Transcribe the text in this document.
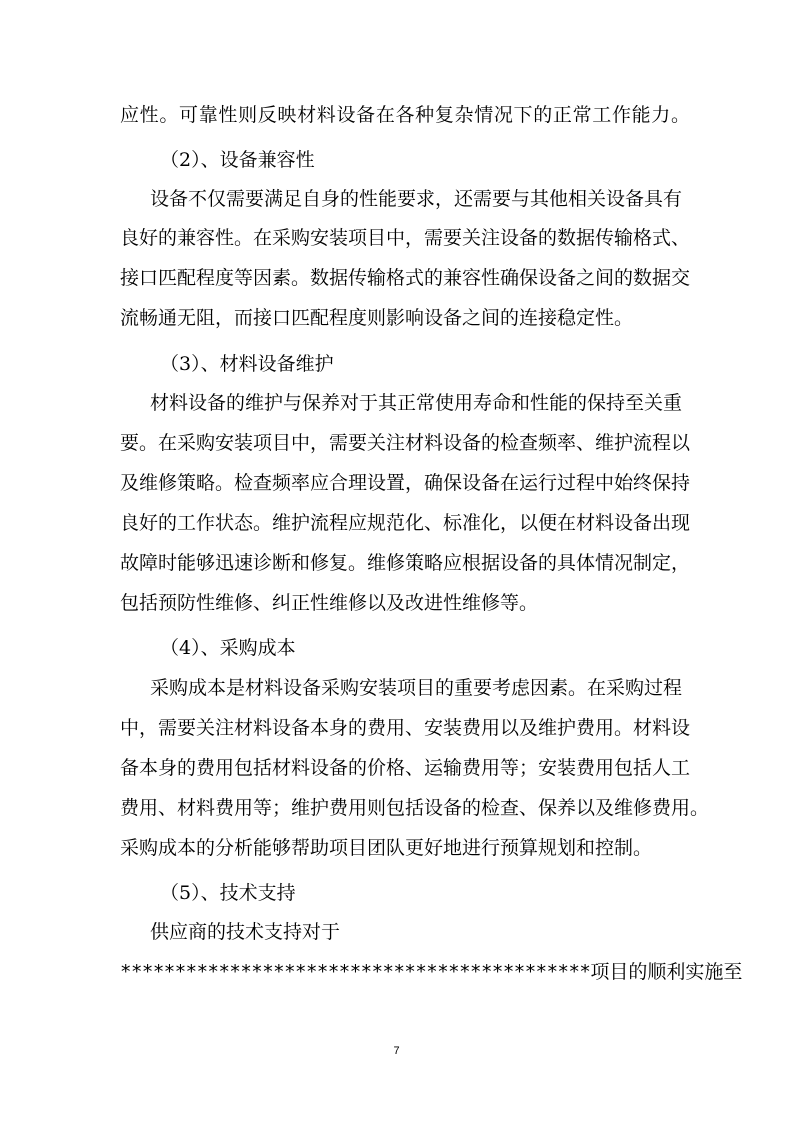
应性。可靠性则反映材料设备在各种复杂情况下的正常工作能力。
（2）、设备兼容性
设备不仅需要满足自身的性能要求，还需要与其他相关设备具有
良好的兼容性。在采购安装项目中，需要关注设备的数据传输格式、
接口匹配程度等因素。数据传输格式的兼容性确保设备之间的数据交
流畅通无阻，而接口匹配程度则影响设备之间的连接稳定性。
（3）、材料设备维护
材料设备的维护与保养对于其正常使用寿命和性能的保持至关重
要。在采购安装项目中，需要关注材料设备的检查频率、维护流程以
及维修策略。检查频率应合理设置，确保设备在运行过程中始终保持
良好的工作状态。维护流程应规范化、标准化，以便在材料设备出现
故障时能够迅速诊断和修复。维修策略应根据设备的具体情况制定，
包括预防性维修、纠正性维修以及改进性维修等。
（4）、采购成本
采购成本是材料设备采购安装项目的重要考虑因素。在采购过程
中，需要关注材料设备本身的费用、安装费用以及维护费用。材料设
备本身的费用包括材料设备的价格、运输费用等；安装费用包括人工
费用、材料费用等；维护费用则包括设备的检查、保养以及维修费用。
采购成本的分析能够帮助项目团队更好地进行预算规划和控制。
（5）、技术支持
供应商的技术支持对于
*******************************************项目的顺利实施至
7
